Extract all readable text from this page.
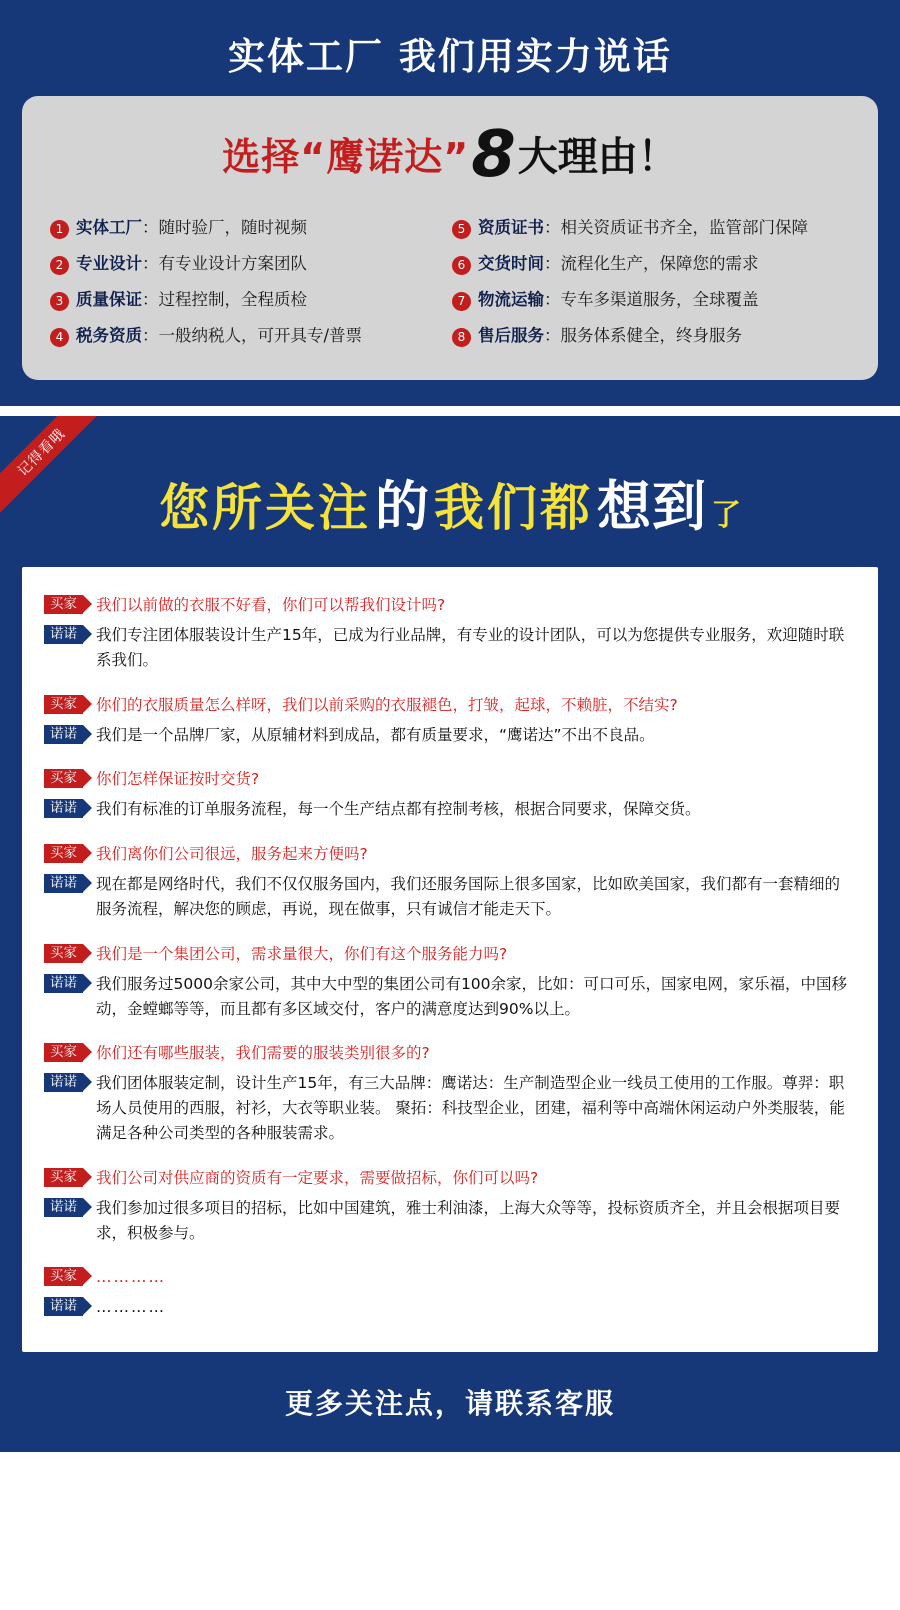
实体工厂 我们用实力说话
选择“鹰诺达”8大理由！
1 实体工厂：随时验厂，随时视频	5 资质证书：相关资质证书齐全，监管部门保障
2 专业设计：有专业设计方案团队	6 交货时间：流程化生产，保障您的需求
3 质量保证：过程控制，全程质检	7 物流运输：专车多渠道服务，全球覆盖
4 税务资质：一般纳税人，可开具专/普票	8 售后服务：服务体系健全，终身服务
记得看哦
您所关注的我们都想到 了
买家	我们以前做的衣服不好看，你们可以帮我们设计吗?
诺诺	我们专注团体服装设计生产15年，已成为行业品牌，有专业的设计团队，可以为您提供专业服务，欢迎随时联系我们。
买家	你们的衣服质量怎么样呀，我们以前采购的衣服褪色，打皱，起球，不赖脏，不结实?
诺诺	我们是一个品牌厂家，从原辅材料到成品，都有质量要求，“鹰诺达”不出不良品。
买家	你们怎样保证按时交货?
诺诺	我们有标准的订单服务流程，每一个生产结点都有控制考核，根据合同要求，保障交货。
买家	我们离你们公司很远，服务起来方便吗?
诺诺	现在都是网络时代，我们不仅仅服务国内，我们还服务国际上很多国家，比如欧美国家，我们都有一套精细的服务流程，解决您的顾虑，再说，现在做事，只有诚信才能走天下。
买家	我们是一个集团公司，需求量很大，你们有这个服务能力吗?
诺诺	我们服务过5000余家公司，其中大中型的集团公司有100余家，比如：可口可乐，国家电网，家乐福，中国移动，金螳螂等等，而且都有多区域交付，客户的满意度达到90%以上。
买家	你们还有哪些服装，我们需要的服装类别很多的?
诺诺	我们团体服装定制，设计生产15年，有三大品牌：鹰诺达：生产制造型企业一线员工使用的工作服。尊羿：职场人员使用的西服，衬衫，大衣等职业装。 聚拓：科技型企业，团建，福利等中高端休闲运动户外类服装，能满足各种公司类型的各种服装需求。
买家	我们公司对供应商的资质有一定要求，需要做招标，你们可以吗?
诺诺	我们参加过很多项目的招标，比如中国建筑，雅士利油漆，上海大众等等，投标资质齐全，并且会根据项目要求，积极参与。
买家	…………
诺诺	…………
更多关注点，请联系客服
